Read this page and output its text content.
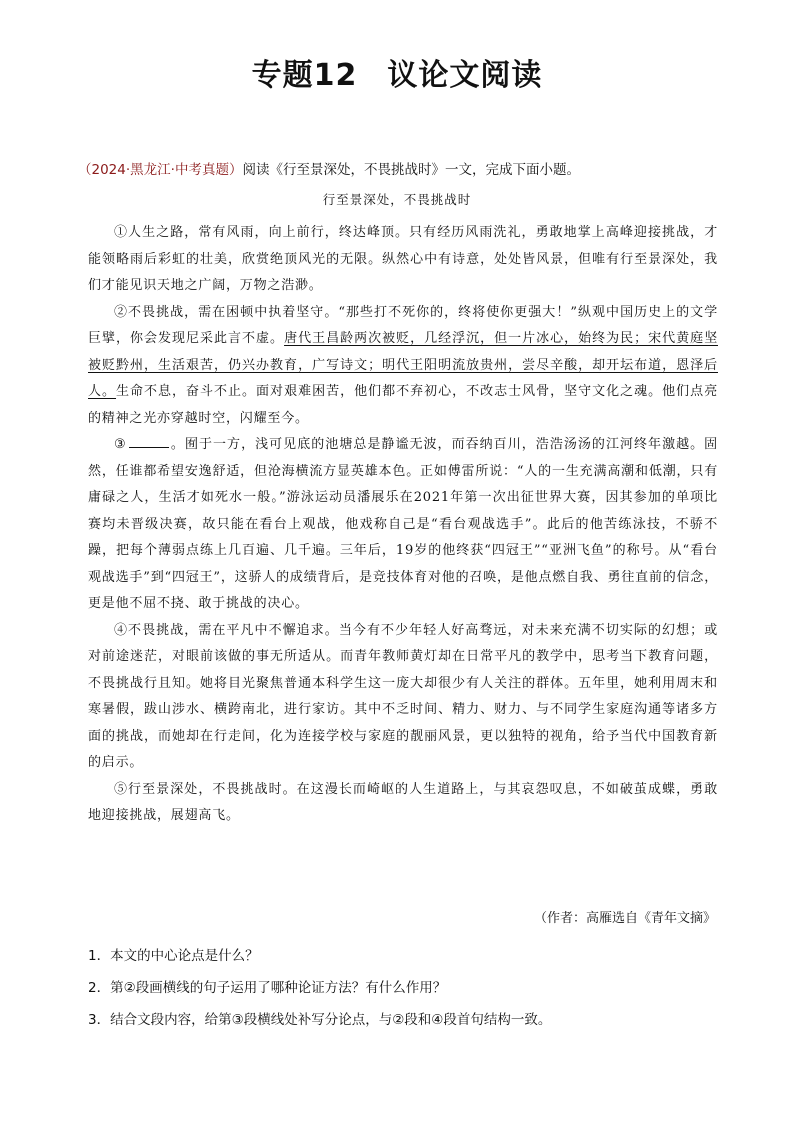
专题12 议论文阅读
（2024·黑龙江·中考真题）阅读《行至景深处，不畏挑战时》一文，完成下面小题。
行至景深处，不畏挑战时

①人生之路，常有风雨，向上前行，终达峰顶。只有经历风雨洗礼，勇敢地掌上高峰迎接挑战，才能领略雨后彩虹的壮美，欣赏绝顶风光的无限。纵然心中有诗意，处处皆风景，但唯有行至景深处，我们才能见识天地之广阔，万物之浩渺。

②不畏挑战，需在困顿中执着坚守。“那些打不死你的，终将使你更强大！”纵观中国历史上的文学巨擘，你会发现尼采此言不虚。唐代王昌龄两次被贬，几经浮沉，但一片冰心，始终为民；宋代黄庭坚被贬黔州，生活艰苦，仍兴办教育，广写诗文；明代王阳明流放贵州，尝尽辛酸，却开坛布道，恩泽后人。生命不息，奋斗不止。面对艰难困苦，他们都不弃初心，不改志士风骨，坚守文化之魂。他们点亮的精神之光亦穿越时空，闪耀至今。

③	。囿于一方，浅可见底的池塘总是静谧无波，而吞纳百川，浩浩汤汤的江河终年激越。固然，任谁都希望安逸舒适，但沧海横流方显英雄本色。正如傅雷所说：“人的一生充满高潮和低潮，只有庸碌之人，生活才如死水一般。”游泳运动员潘展乐在2021年第一次出征世界大赛，因其参加的单项比赛均未晋级决赛，故只能在看台上观战，他戏称自己是“看台观战选手”。此后的他苦练泳技，不骄不躁，把每个薄弱点练上几百遍、几千遍。三年后，19岁的他终获“四冠王”“亚洲飞鱼”的称号。从“看台观战选手”到“四冠王”，这骄人的成绩背后，是竞技体育对他的召唤，是他点燃自我、勇往直前的信念，更是他不屈不挠、敢于挑战的决心。

④不畏挑战，需在平凡中不懈追求。当今有不少年轻人好高骛远，对未来充满不切实际的幻想；或对前途迷茫，对眼前该做的事无所适从。而青年教师黄灯却在日常平凡的教学中，思考当下教育问题，不畏挑战行且知。她将目光聚焦普通本科学生这一庞大却很少有人关注的群体。五年里，她利用周末和寒暑假，跋山涉水、横跨南北，进行家访。其中不乏时间、精力、财力、与不同学生家庭沟通等诸多方面的挑战，而她却在行走间，化为连接学校与家庭的靓丽风景，更以独特的视角，给予当代中国教育新的启示。

⑤行至景深处，不畏挑战时。在这漫长而崎岖的人生道路上，与其哀怨叹息，不如破茧成蝶，勇敢地迎接挑战，展翅高飞。

（作者：高雁选自《青年文摘》
1．本文的中心论点是什么？
2．第②段画横线的句子运用了哪种论证方法？有什么作用？
3．结合文段内容，给第③段横线处补写分论点，与②段和④段首句结构一致。
